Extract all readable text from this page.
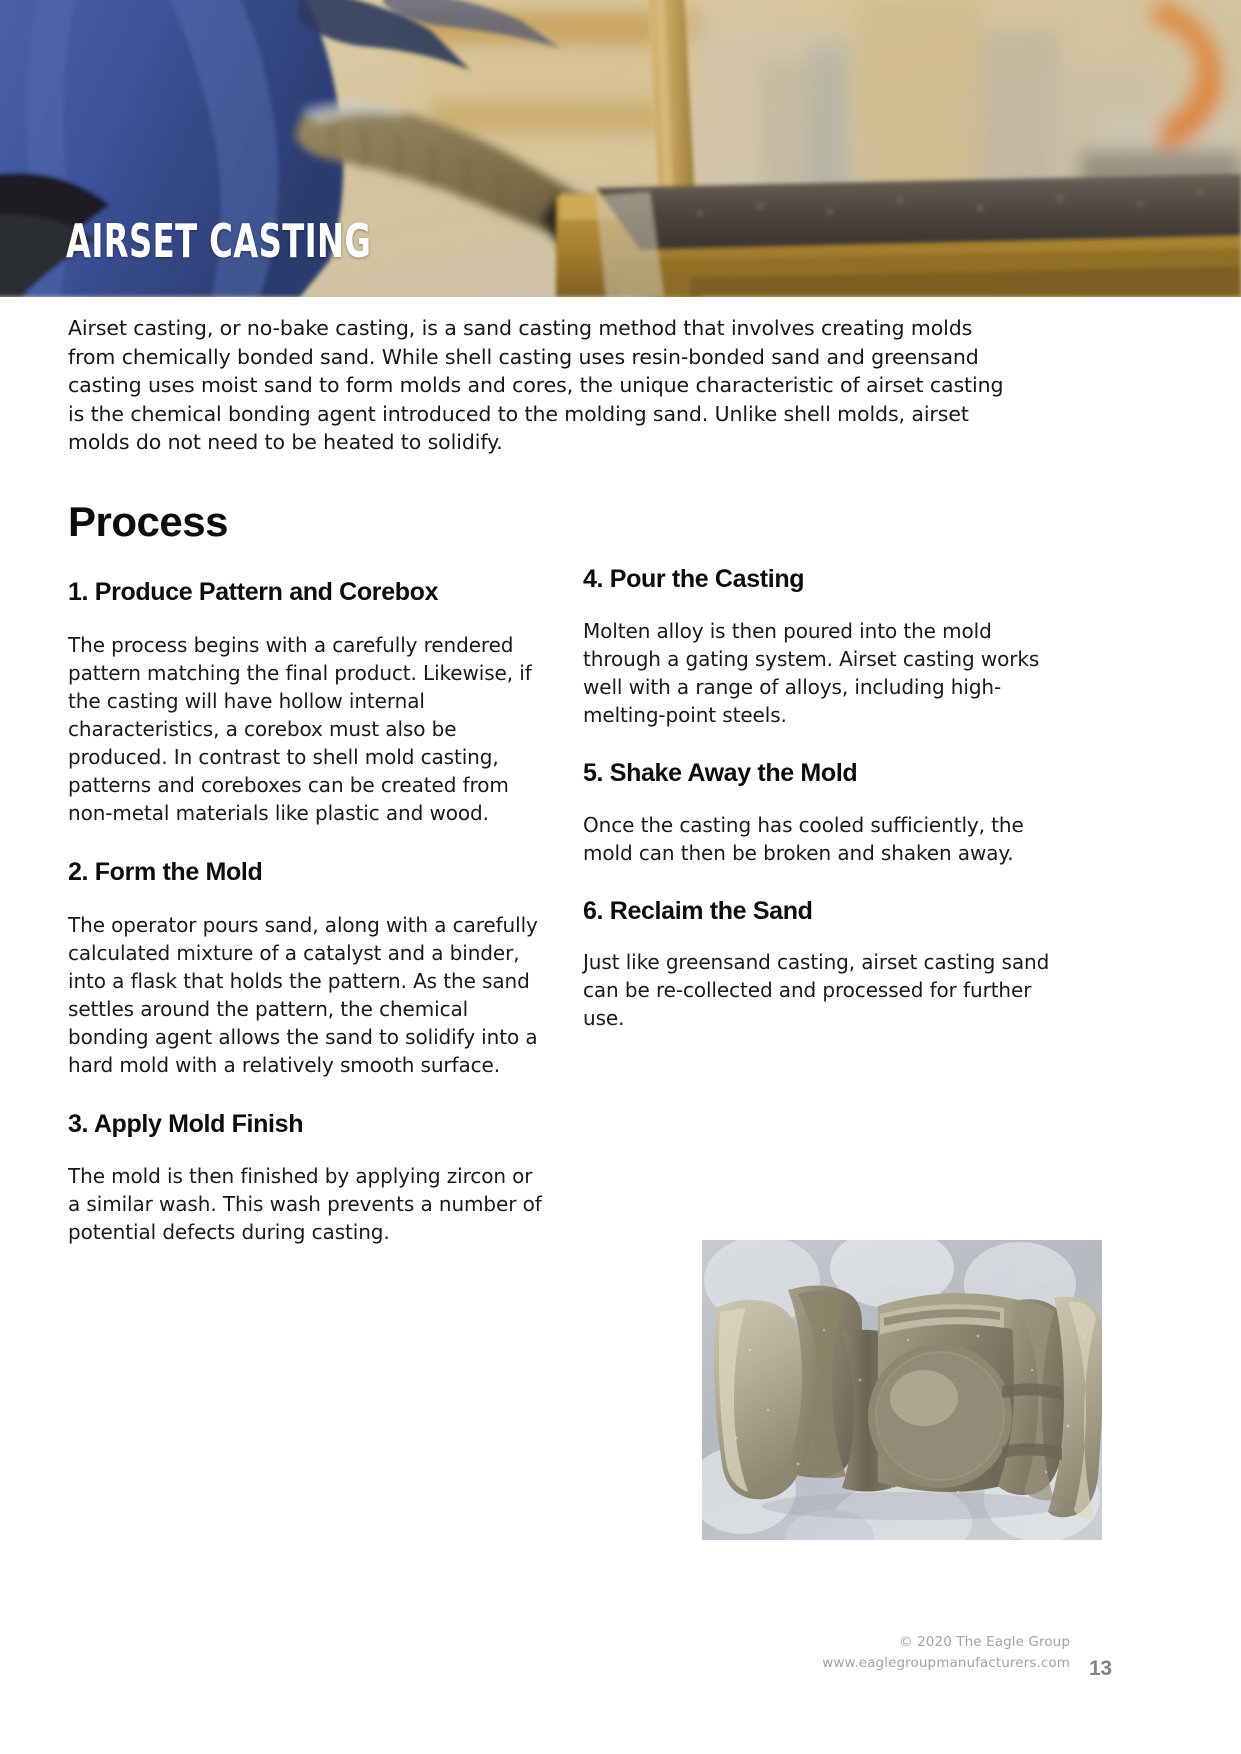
AIRSET CASTING

Airset casting, or no-bake casting, is a sand casting method that involves creating molds from chemically bonded sand. While shell casting uses resin-bonded sand and greensand casting uses moist sand to form molds and cores, the unique characteristic of airset casting is the chemical bonding agent introduced to the molding sand. Unlike shell molds, airset molds do not need to be heated to solidify.

Process
1. Produce Pattern and Corebox

The process begins with a carefully rendered pattern matching the final product. Likewise, if the casting will have hollow internal characteristics, a corebox must also be produced. In contrast to shell mold casting, patterns and coreboxes can be created from non-metal materials like plastic and wood.

2. Form the Mold

The operator pours sand, along with a carefully calculated mixture of a catalyst and a binder, into a flask that holds the pattern. As the sand settles around the pattern, the chemical bonding agent allows the sand to solidify into a hard mold with a relatively smooth surface.

3. Apply Mold Finish

The mold is then finished by applying zircon or a similar wash. This wash prevents a number of potential defects during casting.

4. Pour the Casting

Molten alloy is then poured into the mold through a gating system. Airset casting works well with a range of alloys, including high-melting-point steels.

5. Shake Away the Mold

Once the casting has cooled sufficiently, the mold can then be broken and shaken away.

6. Reclaim the Sand

Just like greensand casting, airset casting sand can be re-collected and processed for further use.

© 2020 The Eagle Group
www.eaglegroupmanufacturers.com 13
